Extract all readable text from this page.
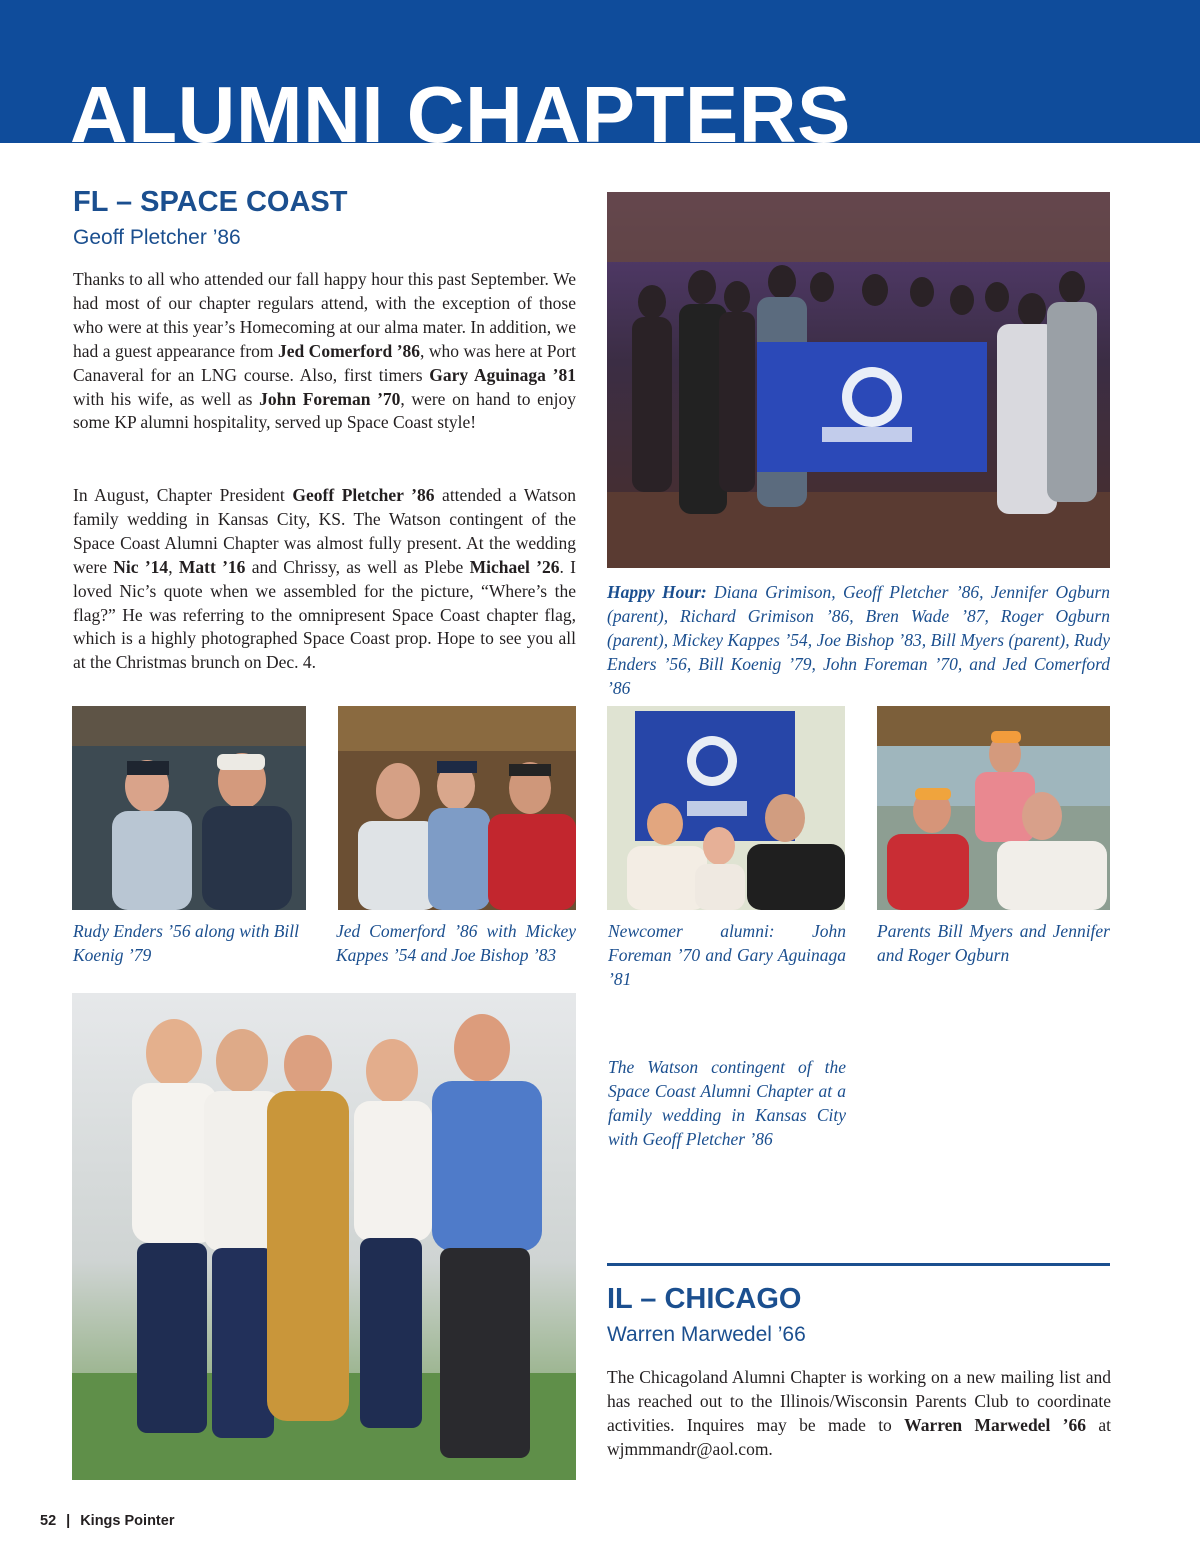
ALUMNI CHAPTERS
FL – SPACE COAST
Geoff Pletcher ’86
Thanks to all who attended our fall happy hour this past September. We had most of our chapter regulars attend, with the exception of those who were at this year’s Homecoming at our alma mater. In addition, we had a guest appearance from Jed Comerford ’86, who was here at Port Canaveral for an LNG course. Also, first timers Gary Aguinaga ’81 with his wife, as well as John Foreman ’70, were on hand to enjoy some KP alumni hospitality, served up Space Coast style!
In August, Chapter President Geoff Pletcher ’86 attended a Watson family wedding in Kansas City, KS. The Watson contingent of the Space Coast Alumni Chapter was almost fully present. At the wedding were Nic ’14, Matt ’16 and Chrissy, as well as Plebe Michael ’26. I loved Nic’s quote when we assembled for the picture, “Where’s the flag?” He was referring to the omnipresent Space Coast chapter flag, which is a highly photographed Space Coast prop. Hope to see you all at the Christmas brunch on Dec. 4.
Happy Hour: Diana Grimison, Geoff Pletcher ’86, Jennifer Ogburn (parent), Richard Grimison ’86, Bren Wade ’87, Roger Ogburn (parent), Mickey Kappes ’54, Joe Bishop ’83, Bill Myers (parent), Rudy Enders ’56, Bill Koenig ’79, John Foreman ’70, and Jed Comerford ’86
Rudy Enders ’56 along with Bill Koenig ’79
Jed Comerford ’86 with Mickey Kappes ’54 and Joe Bishop ’83
Newcomer alumni: John Foreman ’70 and Gary Aguinaga ’81
Parents Bill Myers and Jennifer and Roger Ogburn
The Watson contingent of the Space Coast Alumni Chapter at a family wedding in Kansas City with Geoff Pletcher ’86
IL – CHICAGO
Warren Marwedel ’66
The Chicagoland Alumni Chapter is working on a new mailing list and has reached out to the Illinois/Wisconsin Parents Club to coordinate activities. Inquires may be made to Warren Marwedel ’66 at wjmmmandr@aol.com.
52 | Kings Pointer
